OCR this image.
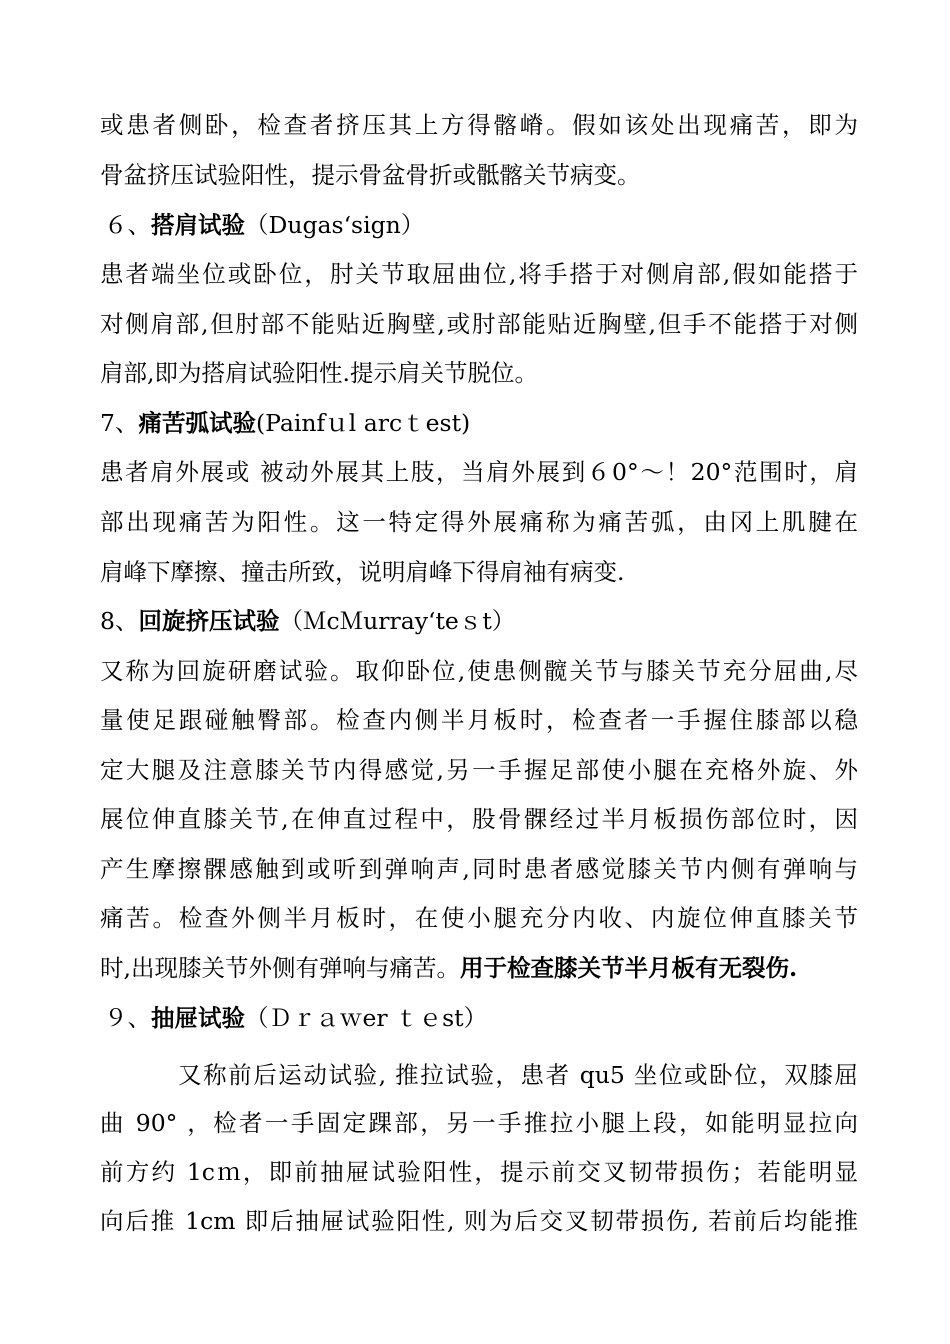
或患者侧卧，检查者挤压其上方得髂嵴。假如该处出现痛苦，即为
骨盆挤压试验阳性，提示骨盆骨折或骶髂关节病变。
６、搭肩试验（Dugas‘sign）
患者端坐位或卧位，肘关节取屈曲位,将手搭于对侧肩部,假如能搭于
对侧肩部,但肘部不能贴近胸壁,或肘部能贴近胸壁,但手不能搭于对侧
肩部,即为搭肩试验阳性.提示肩关节脱位。
7、痛苦弧试验(Painfｕl arcｔest)
患者肩外展或 被动外展其上肢，当肩外展到６0°～！20°范围时，肩
部出现痛苦为阳性。这一特定得外展痛称为痛苦弧，由冈上肌腱在
肩峰下摩擦、撞击所致，说明肩峰下得肩袖有病变.
8、回旋挤压试验（ＭcＭurray‘teｓt）
又称为回旋研磨试验。取仰卧位,使患侧髋关节与膝关节充分屈曲,尽
量使足跟碰触臀部。检查内侧半月板时，检查者一手握住膝部以稳
定大腿及注意膝关节内得感觉,另一手握足部使小腿在充格外旋、外
展位伸直膝关节,在伸直过程中，股骨髁经过半月板损伤部位时，因
产生摩擦髁感触到或听到弹响声,同时患者感觉膝关节内侧有弹响与
痛苦。检查外侧半月板时，在使小腿充分内收、内旋位伸直膝关节
时,出现膝关节外侧有弹响与痛苦。用于检查膝关节半月板有无裂伤.
９、抽屉试验（Ｄｒａｗer ｔｅst）
又称前后运动试验, 推拉试验，患者 qu5 坐位或卧位，双膝屈
曲 90° ，检者一手固定踝部，另一手推拉小腿上段，如能明显拉向
前方约 1cｍ，即前抽屉试验阳性，提示前交叉韧带损伤；若能明显
向后推 1cm 即后抽屉试验阳性, 则为后交叉韧带损伤, 若前后均能推
